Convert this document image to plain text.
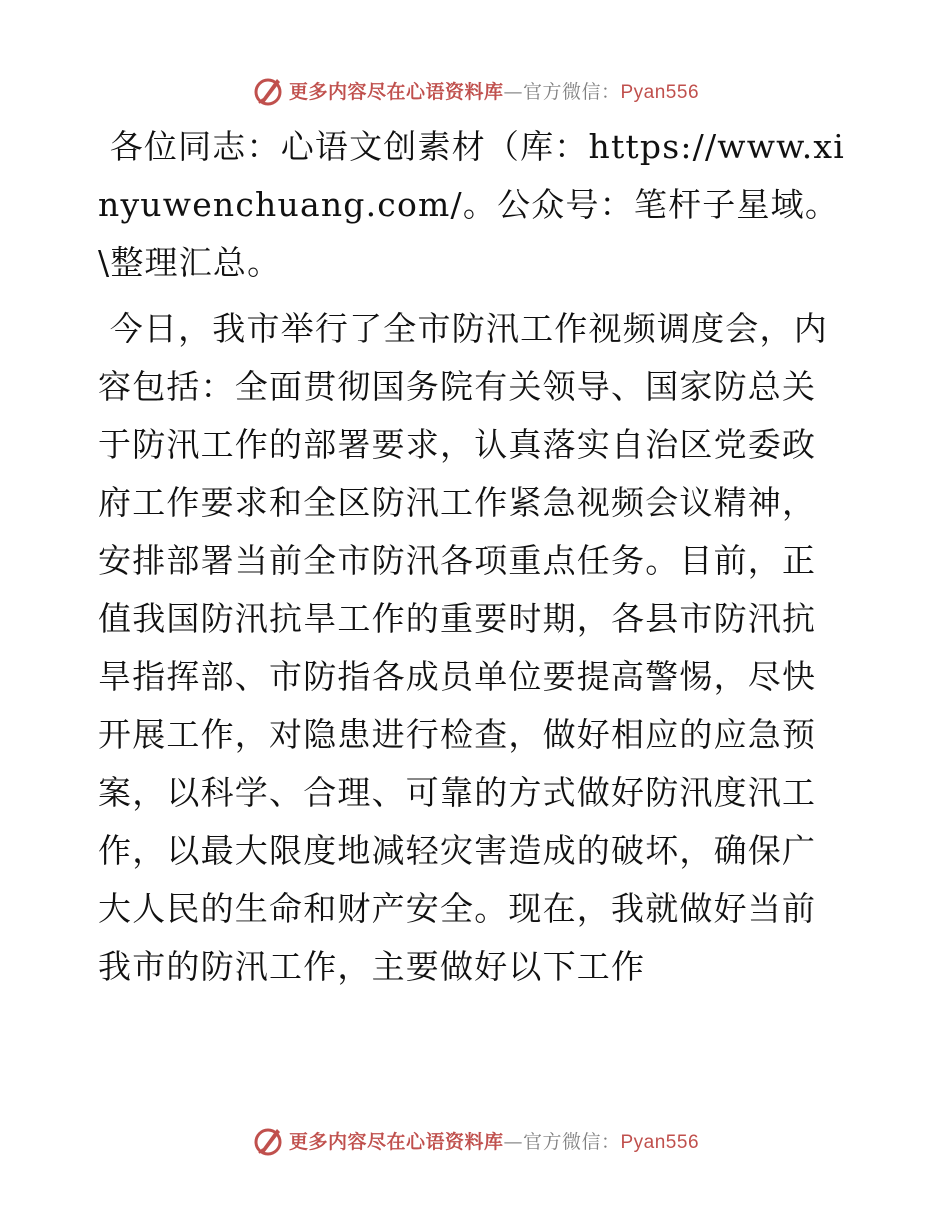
更多内容尽在心语资料库—官方微信：Pyan556

各位同志：心语文创素材（库：https://www.xinyuwenchuang.com/。公众号：笔杆子星域。\整理汇总。

今日，我市举行了全市防汛工作视频调度会，内容包括：全面贯彻国务院有关领导、国家防总关于防汛工作的部署要求，认真落实自治区党委政府工作要求和全区防汛工作紧急视频会议精神，安排部署当前全市防汛各项重点任务。目前，正值我国防汛抗旱工作的重要时期，各县市防汛抗旱指挥部、市防指各成员单位要提高警惕，尽快开展工作，对隐患进行检查，做好相应的应急预案，以科学、合理、可靠的方式做好防汛度汛工作，以最大限度地减轻灾害造成的破坏，确保广大人民的生命和财产安全。现在，我就做好当前我市的防汛工作，主要做好以下工作

更多内容尽在心语资料库—官方微信：Pyan556
